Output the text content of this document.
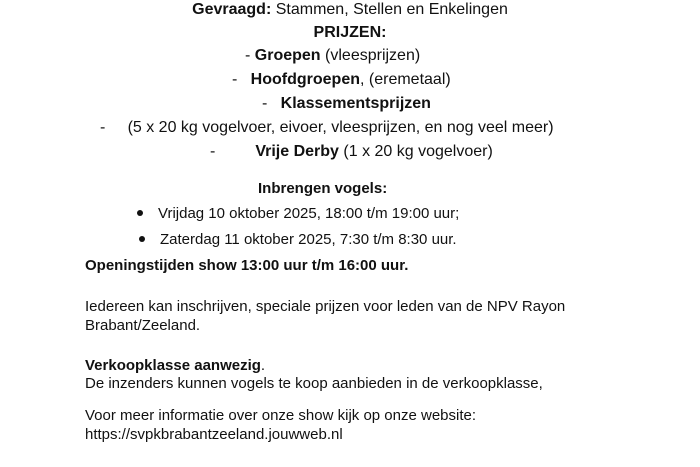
Gevraagd: Stammen, Stellen en Enkelingen
PRIJZEN:
- Groepen (vleesprijzen)
- Hoofdgroepen, (eremetaal)
- Klassementsprijzen
- (5 x 20 kg vogelvoer, eivoer, vleesprijzen, en nog veel meer)
-	Vrije Derby (1 x 20 kg vogelvoer)
Inbrengen vogels:
Vrijdag 10 oktober 2025, 18:00 t/m 19:00 uur;
Zaterdag 11 oktober 2025, 7:30 t/m 8:30 uur.
Openingstijden show 13:00 uur t/m 16:00 uur.
Iedereen kan inschrijven, speciale prijzen voor leden van de NPV Rayon
Brabant/Zeeland.
Verkoopklasse aanwezig.
De inzenders kunnen vogels te koop aanbieden in de verkoopklasse,
Voor meer informatie over onze show kijk op onze website:
https://svpkbrabantzeeland.jouwweb.nl
